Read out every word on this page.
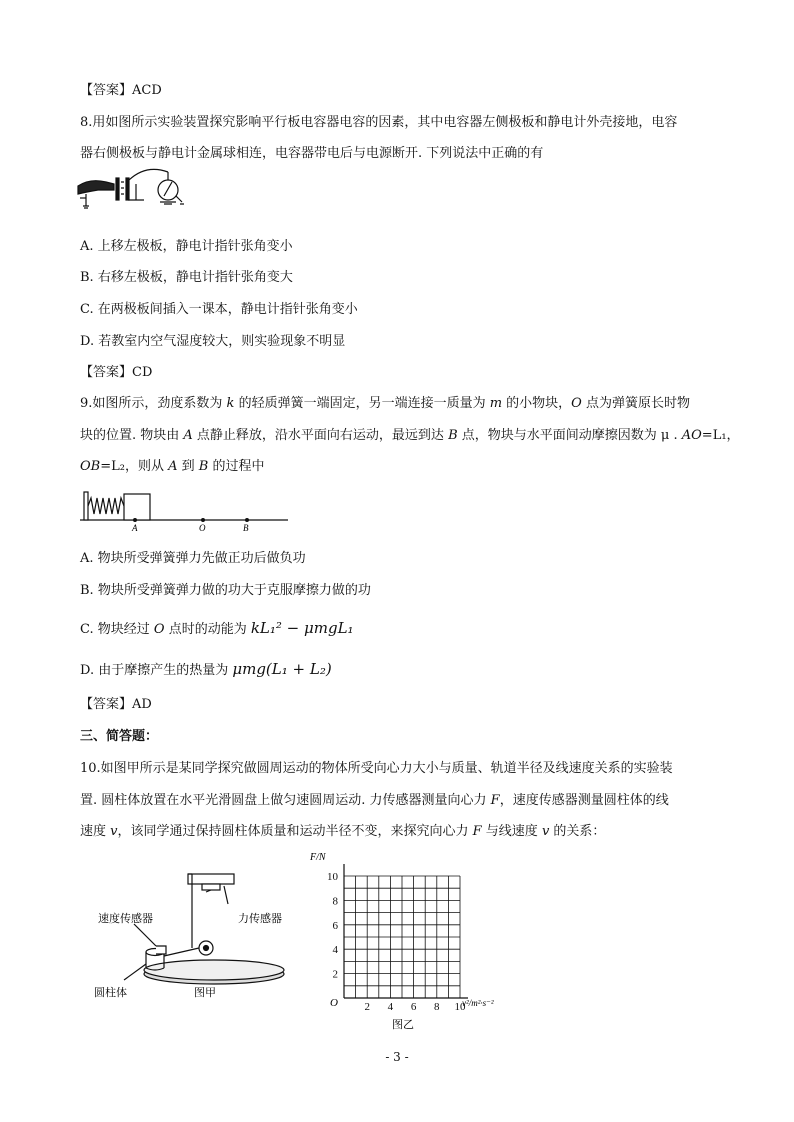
【答案】ACD
8.用如图所示实验装置探究影响平行板电容器电容的因素，其中电容器左侧极板和静电计外壳接地，电容
器右侧极板与静电计金属球相连，电容器带电后与电源断开. 下列说法中正确的有
A. 上移左极板，静电计指针张角变小
B. 右移左极板，静电计指针张角变大
C. 在两极板间插入一课本，静电计指针张角变小
D. 若教室内空气湿度较大，则实验现象不明显
【答案】CD
9.如图所示，劲度系数为 k 的轻质弹簧一端固定，另一端连接一质量为 m 的小物块，O 点为弹簧原长时物
块的位置. 物块由 A 点静止释放，沿水平面向右运动，最远到达 B 点，物块与水平面间动摩擦因数为 μ . AO=L₁，
OB=L₂，则从 A 到 B 的过程中
A	O	B
A. 物块所受弹簧弹力先做正功后做负功
B. 物块所受弹簧弹力做的功大于克服摩擦力做的功
C. 物块经过 O 点时的动能为 kL₁² − μmgL₁
D. 由于摩擦产生的热量为 μmg(L₁ + L₂)
【答案】AD
三、简答题：
10.如图甲所示是某同学探究做圆周运动的物体所受向心力大小与质量、轨道半径及线速度关系的实验装
置. 圆柱体放置在水平光滑圆盘上做匀速圆周运动. 力传感器测量向心力 F，速度传感器测量圆柱体的线
速度 v，该同学通过保持圆柱体质量和运动半径不变，来探究向心力 F 与线速度 v 的关系：
速度传感器	力传感器
圆柱体	图甲
2
4
6
8
10
2 4 6 8 10
F/N
v²/m²·s⁻²
O
图乙
- 3 -
